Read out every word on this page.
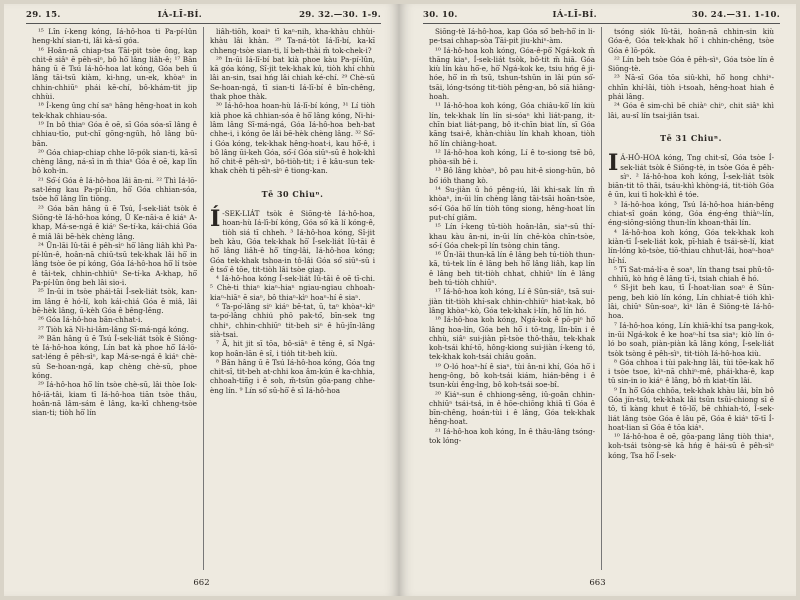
29. 15.	IÁ-LĪ-BÍ.	29. 32.—30. 1-9.

¹⁵ Lîn í-keng kóng, Iá-hô-hoa ti Pa-pí-lûn heng-khí sian-ti, lâi kà-sī góa.

¹⁶ Hoân-nā chiap-tsa Tāi-pit tsòe ông, kap chit-ê siâⁿ ē pēh-sìⁿ, bô hō͘ lâng liâh-ê; ¹⁷ Bān hâng ū ē Tsú Iá-hô-hoa lat kóng, Góa beh ū lâng tāi-tsū kiàm, ki-hng, un-ek, khòaⁿ in chhin-chhiūⁿ phái kē-chí, bô-khám-tit jip chhùi.

¹⁸ Í-keng ûng chí saⁿ hâng hêng-hoat in koh tek-khak chhiau-sóa.

¹⁹ In bô thiaⁿ Góa ê oē, sī Góa sóa-sī lâng ê chhiau-tīo, put-chī gōng-ngūh, hô lâng bū-bān.

²⁰ Góa chiap-chiap chhe lō-pók sian-ti, kā-sī chèng lâng, ná-sī in m̄ thiaⁿ Góa ê oē, kap lîn bô koh-in.

²¹ Só͘-í Góa ê Iá-hô-hoa lâi ān-ni. ²² Thì Iá-lō-sat-léng kau Pa-pí-lûn, hō͘ Góa chhian-sóa, tsòe hô͘ lâng lîn tiōng.

²³ Góa bān hâng ū ē Tsú, Í-sek-liát tsòk ê Siōng-tè Iá-hô-hoa kóng, Ū Ke-nāi-a ê kiáⁿ A-khap, Má-se-ngá ê kiáⁿ Se-tí-ka, kái-chiá Góa ê miâ lâi bē-hèk chèng lâng.

²⁴ Ūn-lāi Iû-tāi ê pêh-sìⁿ hō͘ lâng liâh khì Pa-pí-lûn-ê, hoân-nā chiū-tsū tek-khak lâi hō͘ in lâng tsòe ōe pí kóng, Góa Iá-hô-hoa hō͘ lí tsòe ê tāi-tek, chhin-chhiūⁿ Se-tí-ka A-khap, hō͘ Pa-pí-lûn ông beh lâi sio-i.

²⁵ In-ūi in tsòe phái-tāi Í-sek-liát tsòk, kan-im lâng ê hó-lí, koh kái-chiá Góa ê miâ, lâi bē-hèk lâng, ū-kèh Góa ê bêng-lēng.

²⁶ Góa Iá-hô-hoa bān-chhat-i.

²⁷ Tiòh kā Ni-hi-lâm-lâng Sī-má-ngá kóng.

²⁸ Bān hâng ū ē Tsú Í-sek-liát tsòk ê Siōng-tè Iá-hô-hoa kóng, Lín bat kà phoe hō͘ Iá-lō-sat-léng ê pêh-sìⁿ, kap Má-se-ngá ê kiáⁿ chè-sū Se-hoan-ngá, kap chèng chè-sū, phoe kóng.

²⁹ Iá-hô-hoa hō͘ lín tsòe chè-sū, lâi thòe Iok-hô-iā-tâi, kiam tī Iá-hô-hoa tiān tsòe thâu, hoân-nā lâm-sám ê lâng, ka-kī chheng-tsòe sian-ti; tiòh hō͘ lín

liâh-tiōh, koaiⁿ tī kaⁿ-nih, kha-khàu chhùi-khàu lâi khàn. ²⁹ Ta-ná-tòt Iá-lī-bí, ka-kī chheng-tsòe sian-ti, lí beh-thài m̄ tok-chek-i?

²⁸ In-ūi Iá-lī-bí bat kià phoe kàu Pa-pí-lûn, kā góa kóng, Sî-jit tek-khak kú, tiòh khí chhù lâi an-sin, tsai hńg lâi chiah ké-chí. ²⁹ Chè-sū Se-hoan-ngá, tī sian-ti Iá-lī-bí ê bīn-chêng, thak phoe thàk.

³⁰ Iá-hô-hoa hoan-hù Iá-lī-bí kóng, ³¹ Lí tiòh kià phoe kā chhian-sóa ê hō͘ lâng kóng, Ni-hi-lâm lâng Sī-má-ngá, Góa Iá-hô-hoa beh-bat chhe-i, i kóng ōe lâi bē-hèk chèng lâng. ³² Só͘-í Góa kóng, tek-khak hêng-hoat-i, kau hō͘-ê, i bô lâng ūi-keh Góa, só͘-í Góa siūⁿ-sū ê hok-khì hō͘ chit-ê pêh-sìⁿ, bô-tiòh-tit; i ē kâu-sun tek-khak chèh ti pêh-sìⁿ ê tiong-kan.

Tē 30 Chiuⁿ.

Í -SEK-LIÁT tsòk ê Siōng-tè Iá-hô-hoa, hoan-hù Iá-lī-bí kóng, Góa só͘ kā lí kóng-ê, tiòh siá tī chheh. ³ Iá-hô-hoa kóng, Sî-jit beh kàu, Góa tek-khak hō͘ Í-sek-liát Iû-tāi ê hō͘ lâng liâh-ê hô͘ tíng-lâi, Iá-hô-hoa kóng; Góa tek-khak tshoa-in tô-lâi Góa só͘ siūⁿ-sū i ê tsó͘ ê tōe, tit-tiòh lâi tsòe giap.

⁴ Iá-hô-hoa kóng Í-sek-liát Iû-tāi ê oē tī-chi. ⁵ Chè-ti thiaⁿ kiaⁿ-hiaⁿ ngiau-ngiau chhoah-kiaⁿ-hiāⁿ ē siaⁿ, bô thiaⁿ-kìⁿ hoaⁿ-hí ê siaⁿ.

⁶ Ta-po͘-lâng siⁿ kiáⁿ bē-tat, ū, taⁿ khòaⁿ-kìⁿ ta-po͘-lâng chhiú phō pak-tó͘, bīn-sek tng chhiⁿ, chhin-chhiūⁿ tit-beh siⁿ ê hū-jîn-lâng sià-tsai.

⁷ Ā, hit jit sī tōa, bô-siāⁿ ē tēng ê, sī Ngá-kop hoân-lān ê sî, i tio̍h tit-beh kiù.

⁸ Bān hâng ū ē Tsú Iá-hô-hoa kóng, Góa tng chit-sî, tit-beh at-chhi koa âm-kún ê ka-chhia, chhoah-tiñg i ê soh, m̄-tsūn gōa-pang chhe-èng lín. ⁹ Lín só͘ sū-hō͘ ê sī Iá-hô-hoa

662
30. 10.	IÁ-LĪ-BÍ.	30. 24.—31. 1-10.

Siōng-tè Iá-hô-hoa, kap Góa só͘ beh-hō͘ in li-pe-tsai chhap-sòa Tāi-pit jiu-khiⁿ-àm.

¹⁰ Iá-hô-hoa koh kóng, Góa-ê-pō͘ Ngá-kok m̄ thāng kiaⁿ, Í-sek-liát tsòk, bô-tit m̄ hiā. Góa kiù lín kàu hō͘-e, hō͘ Ngá-kok ke, tsiu hńg ê ji-hóe, hō͘ in m̄ tsū, tshun-tshūn in lâi pún só͘-tsāi, lóng-tsóng tit-tiòh pêng-an, bô siā hiāng-hoah.

¹¹ Iá-hô-hoa koh kóng, Góa chiâu-kō͘ lín kiù lín, tek-khak lín lín si-sóaⁿ khì liát-pang, it-chīn biat liát-pang, bô it-chīn biat lín, sī Góa kāng tsai-ê, khàn-chiàu lín khah khoan, tiòh hō͘ lín chiàng-hoat.

¹² Iá-hô-hoa koh kóng, Lí ê to-siong tsē bô, phòa-sih bē i.

¹³ Bô lâng khòaⁿ, bô pau hit-ê siong-hūn, bô bó͘ ióh thang kò.

¹⁴ Su-jiàn ū hó pêng-iú, lâi khi-sak lín m̄ khòaⁿ, in-ūi lín chèng lâng tāi-tsāi hoān-tsòe, só͘-í Góa hō͘ lín tiòh tōng siong, hêng-hoat lín put-chí giâm.

¹⁵ Lín í-keng tū-tiòh hoân-lân, siaⁿ-sū thí-khau kàu ân-ni, in-ūi lín chē-kòa chīn-tsòe, só͘-í Góa chek-pī lín tsòng chin tāng.

¹⁶ Ūn-lāi thun-kā lín ê lâng beh tú-tiòh thun-kā, tú-tek lín ê lâng beh hō͘ lâng liâh, kap lín ê lâng beh tit-tiòh chhat, chhiūⁿ lín ê lâng beh tú-tiòh chhiūⁿ.

¹⁷ Iá-hô-hoa koh kóng, Lí ê Sûn-siâⁿ, tsā sui-jiàn tit-tiòh khí-sak chhin-chhiūⁿ hiat-kak, bô lâng khòaⁿ-kò, Góa tek-khak i-lín, hō͘ lín hó.

¹⁸ Iá-hô-hoa koh kóng, Ngá-kok ê pō-piⁿ hō͘ lâng hoa-lín, Góa beh hō͘ i tō-tng, lîn-bīn i ê chhù, siâⁿ sui-jiàn pī-tsòe thô-thâu, tek-khak koh-tsái khí-tō, hông-kiong sui-jiàn í-keng tó, tek-khak koh-tsái chiâu goân.

¹⁹ O-ló hoaⁿ-hí ê siaⁿ, tùi ân-ni khí, Góa hō͘ i heng-ông, bô koh-tsái kiám, hián-bêng i ê tsun-kùi êng-lng, bô koh-tsái soe-bî.

²⁰ Kiáⁿ-sun ê chhiong-sēng, iû-goân chhin-chhiūⁿ tsái-tsá, in ê hōe-chiōng khiā tī Góa ê bīn-chêng, hoán-tùi i ê lâng, Góa tek-khak hêng-hoat.

²¹ Iá-hô-hoa koh kóng, In ê thâu-lâng tsóng-tok lóng-

tsóng siók Iû-tāi, hoân-nā chhin-sin kiù Góa-ê, Góa tek-khak hō͘ i chhin-chêng, tsòe Góa ê lō-pók.

²² Lín beh tsòe Góa ê pêh-sìⁿ, Góa tsòe lín ê Siōng-tè.

²³ Nā-sī Góa tōa siû-khì, hō͘ hong chhiⁿ-chhīn khí-lâi, tiòh i-tsoah, hêng-hoat hiah ê phái lâng.

²⁴ Góa ê sim-chì bē chiàⁿ chiⁿ, chit siâⁿ khì lâi, au-sî lín tsai-jiân tsai.

Tē 31 Chiuⁿ.

I Á-HÔ-HOA kóng, Tng chit-sî, Góa tsòe Í-sek-liát tsòk ê Siōng-tè, in tsòe Góa ê pêh-sìⁿ. ² Iá-hô-hoa koh kóng, Í-sek-liát tsòk biān-tit tō thāi, tsáu-khì khòng-iá, tit-tiòh Góa ê ūn, kui tī hok-khì ê tóe.

³ Iá-hô-hoa kóng, Tsú Iá-hô-hoa hián-bêng chiat-sî goán kóng, Góa éng-éng thiàⁿ-lín, éng-siōng-siōng thun-lín khoan-thāi lín.

⁴ Iá-hô-hoa koh kóng, Góa tek-khak koh kiàn-tī Í-sek-liát kok, pī-hiah ê tsái-sè-lí, kiat lín-lóng kò-tsòe, tiō-thiau chhut-lâi, hoaⁿ-hoaⁿ hí-hí.

⁵ Tī Sat-má-lí-a ê soaⁿ, lín thang tsai phû-tô-chhiū, kò hńg ê lâng tī-i, tsiah chiah ê hó.

⁶ Sî-jit beh kau, tī Í-hoat-lian soaⁿ ê Sûn-peng, beh kiò lín kóng, Lín chhiat-ê tióh khì-lâi, chiūⁿ Sûn-soaⁿ, kìⁿ lân ê Siōng-tè Iá-hô-hoa.

⁷ Iá-hô-hoa kóng, Lín khiā-khí tsa pang-kok, in-ūi Ngá-kok ê ke hoaⁿ-hí tsa siaⁿ; kiò lín ó-ló bo soah, piàn-piàn kā lâng kóng, Í-sek-liát tsòk tsòng ê pêh-sìⁿ, tit-tiòh Iá-hô-hoa kiù.

⁸ Góa chhoa i tùi pak-hng lâi, tùi tōe-kak hō͘ i tsòe tsoe, kìⁿ-nā chhiⁿ-mê, phái-kha-ê, kap tū sin-in io kiáⁿ ê lâng, bô m̄ kiat-tīn lâi.

⁹ In hō͘ Góa chhōa, tek-khak khàu lâi, bîn bô Góa jín-tsû, tek-khak lâi tsūn tsūi-chiong sī ê tō, tī kàng khut ê tō-lō͘, bē chhiah-tó, Í-sek-liát lâng tsòe Góa ê lâu pē, Góa ê kiáⁿ tō͘-tī Í-hoat-lian sī Góa ê tōa kiáⁿ.

¹⁰ Iá-hô-hoa ê oē, gōa-pang lâng tiòh thiaⁿ, koh-tsái tsòng-sè kā hńg ê hái-sū ê pêh-sìⁿ kóng, Tsa hō͘ Í-sek-

663
